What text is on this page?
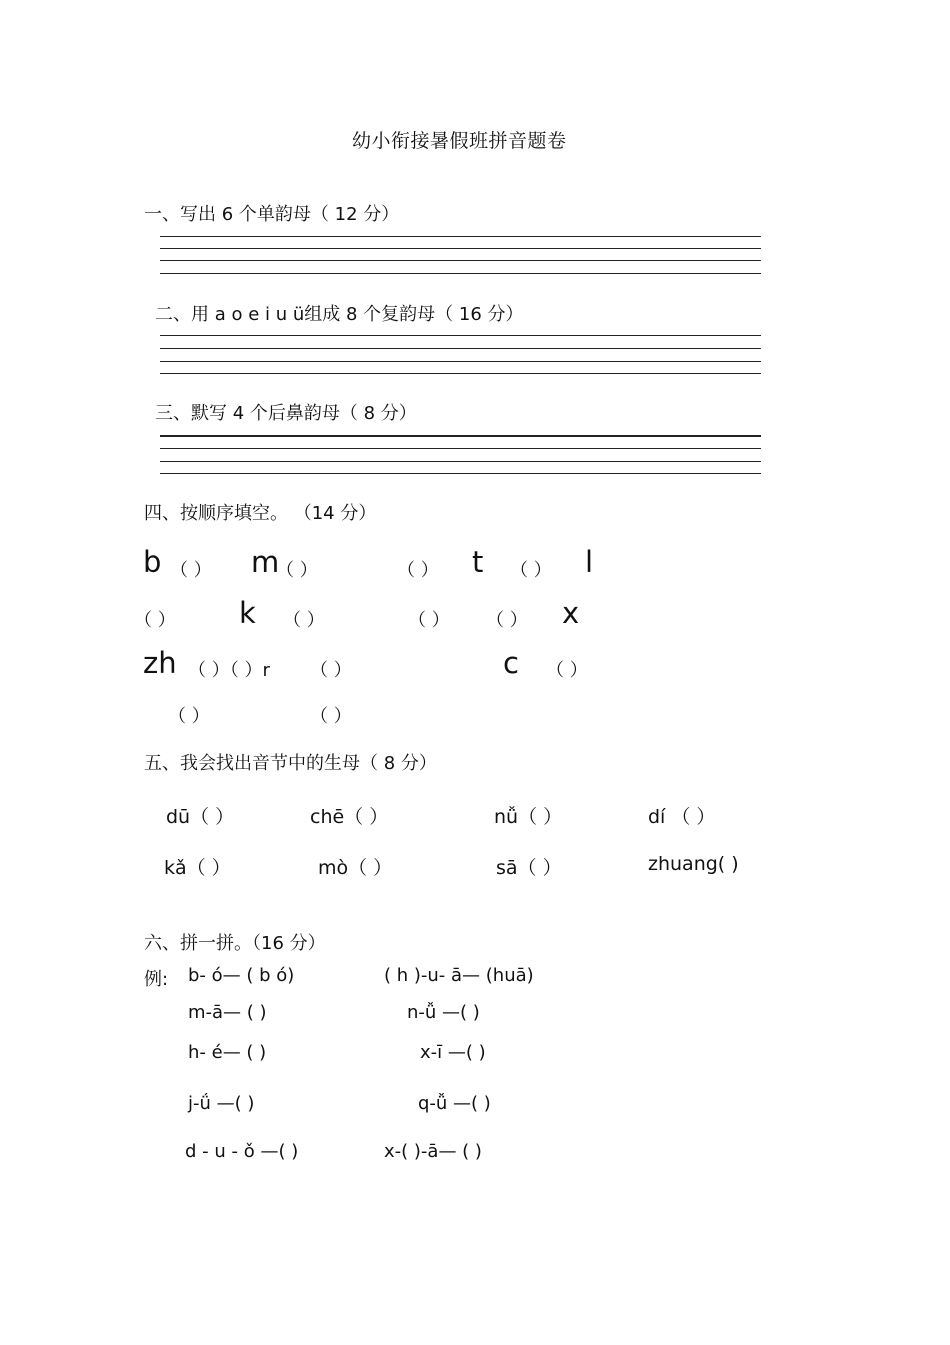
幼小衔接暑假班拼音题卷
一、写出 6 个单韵母（ 12 分）
二、用 a o e i u ü组成 8 个复韵母（ 16 分）
三、默写 4 个后鼻韵母（ 8 分）
四、按顺序填空。 （14 分）
b （ ） m
（ ）	（ ） t （ ） l
（ ） k （ ）	（ ） （ ） x
zh （ ）（ ）r （ ）	c （ ）
（ ）	（ ）
五、我会找出音节中的生母（ 8 分）
dū（ ）	chē（ ）	nǚ（ ）	dí （ ）
kǎ（ ）	mò（ ）	sā（ ）	zhuang( )
六、拼一拼。（16 分）
例: b- ó— ( b ó)	( h )-u- ā— (huā)
m-ā— ( )	n-ǚ —( )
h- é— ( )	x-ī —( )
j-ǘ —( )	q-ǚ —( )
d - u - ǒ —( )	x-( )-ā— ( )
